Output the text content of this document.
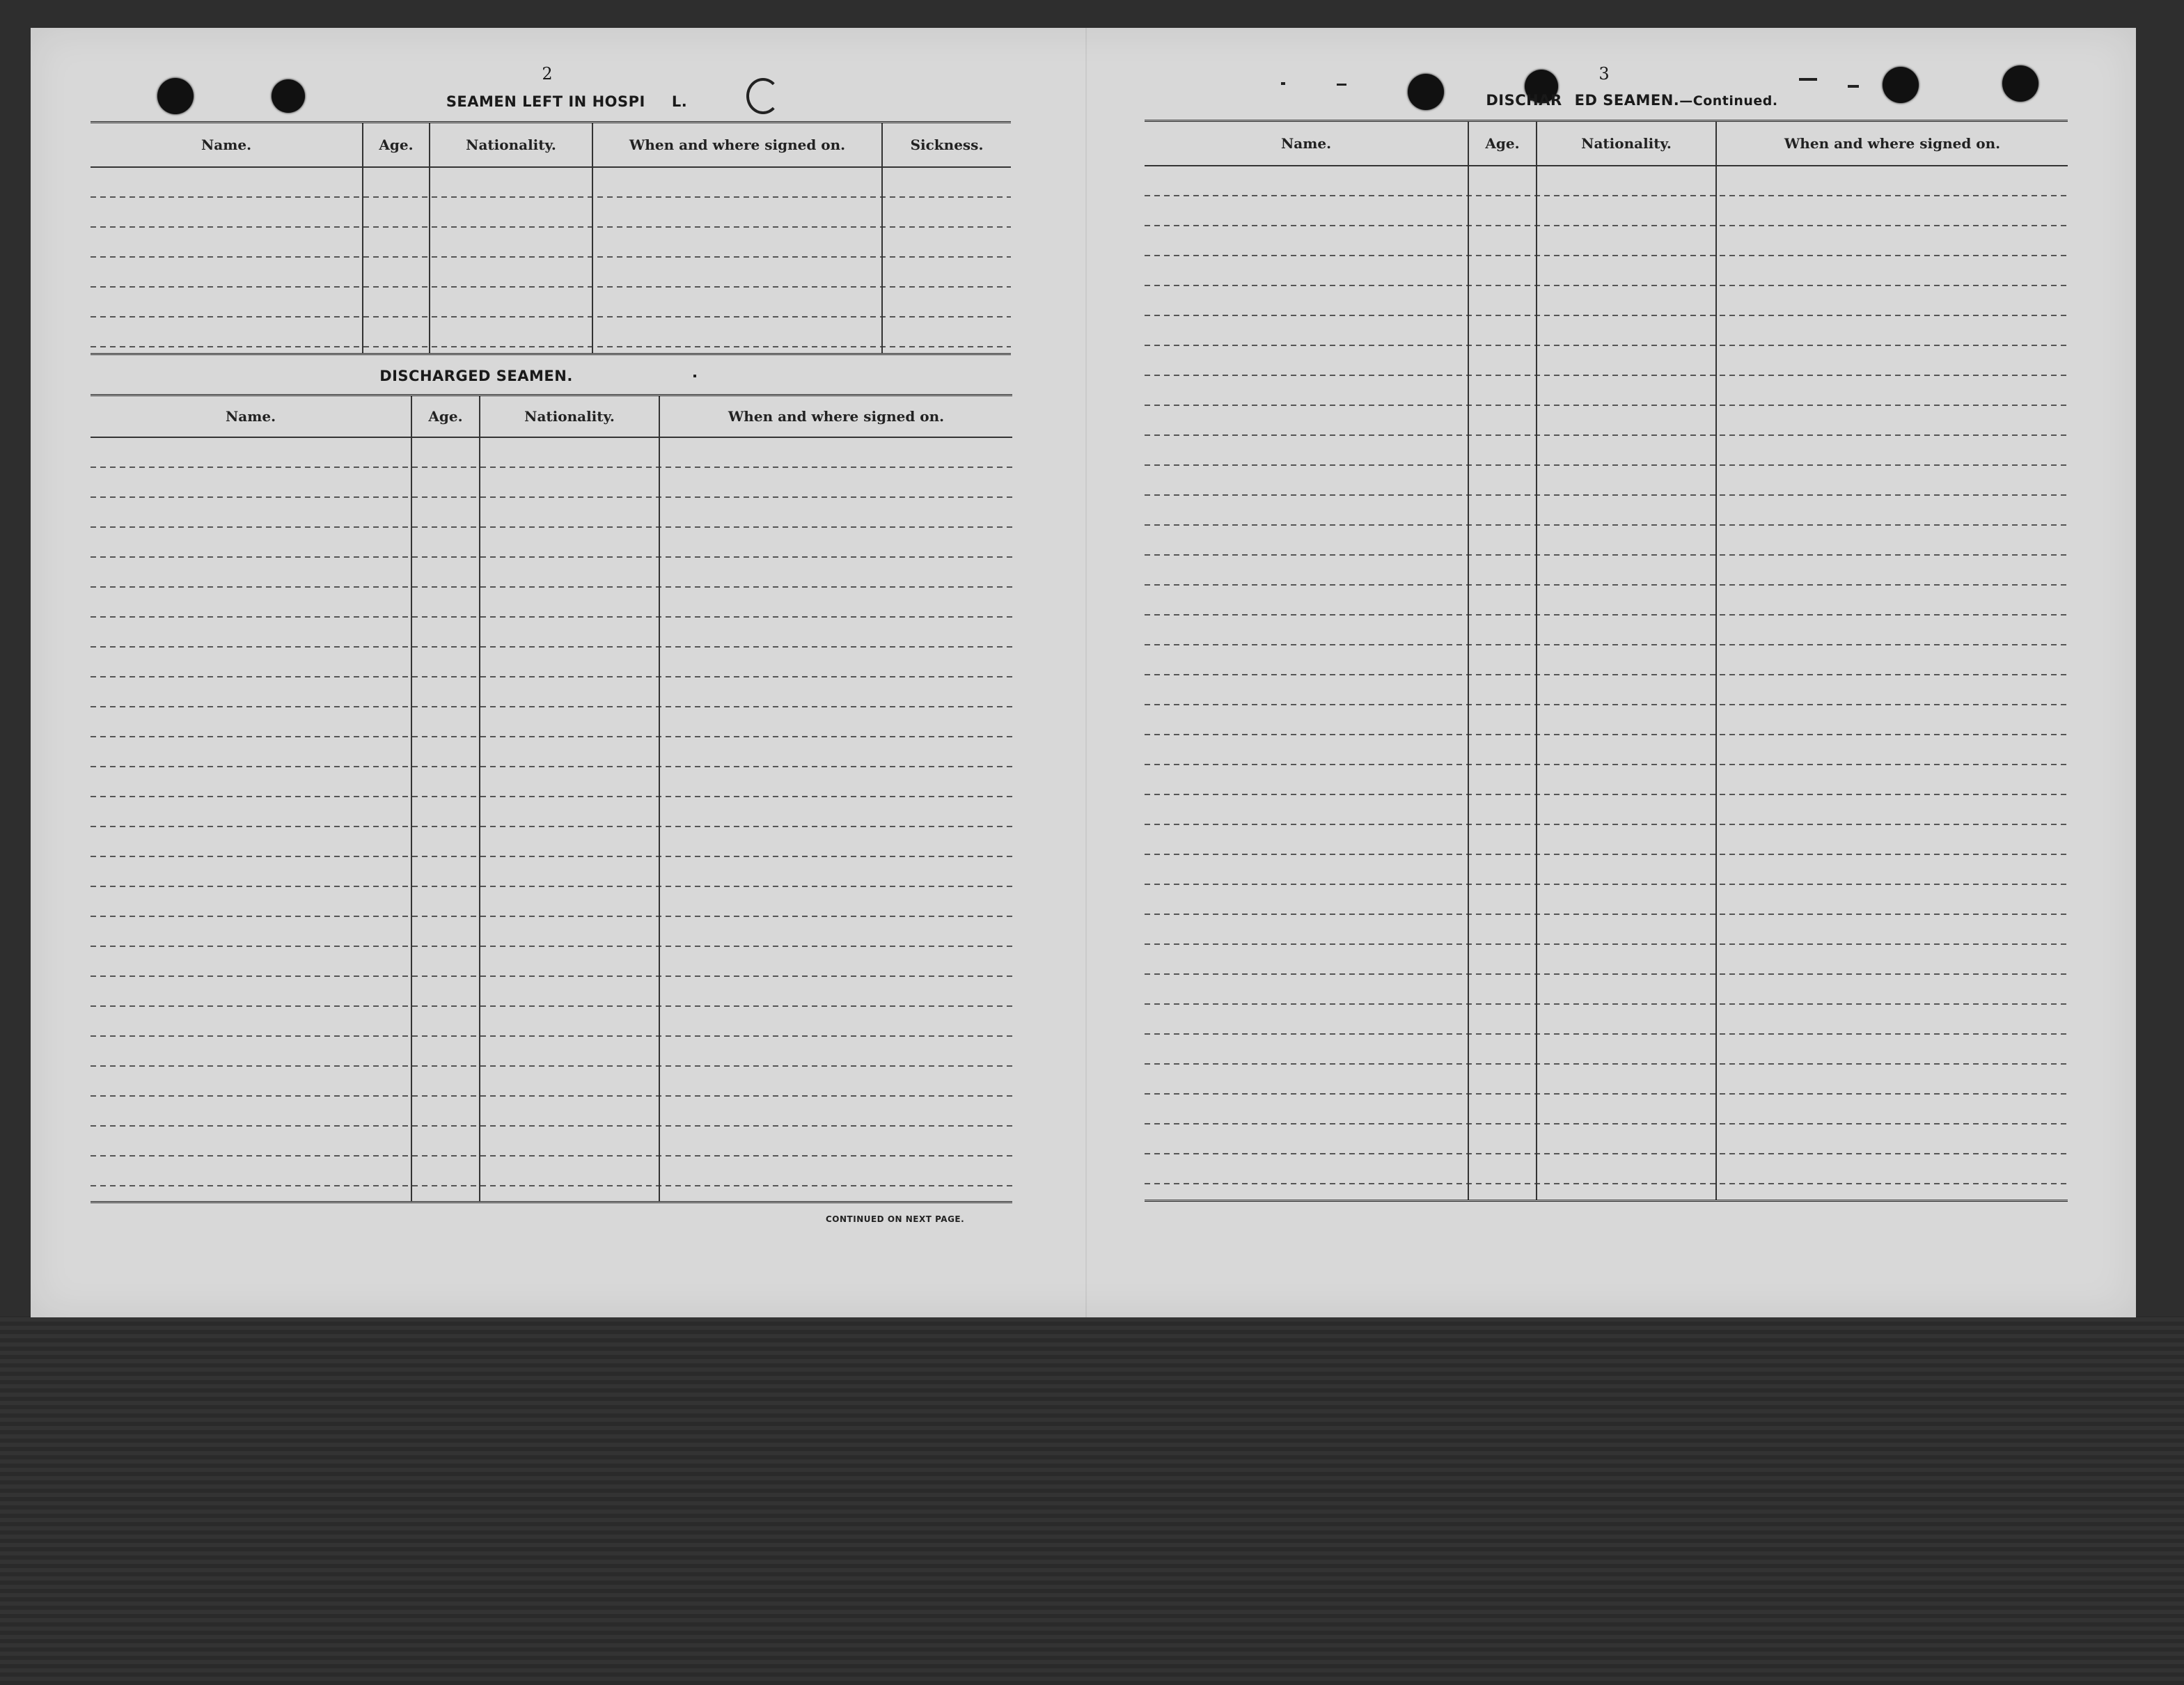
2
SEAMEN LEFT IN HOSPI L.
Name.	Age.	Nationality.	When and where signed on.	Sickness.
DISCHARGED SEAMEN.
Name.	Age.	Nationality.	When and where signed on.
CONTINUED ON NEXT PAGE.
3
DISCHAR ED SEAMEN.—Continued.
Name.	Age.	Nationality.	When and where signed on.
